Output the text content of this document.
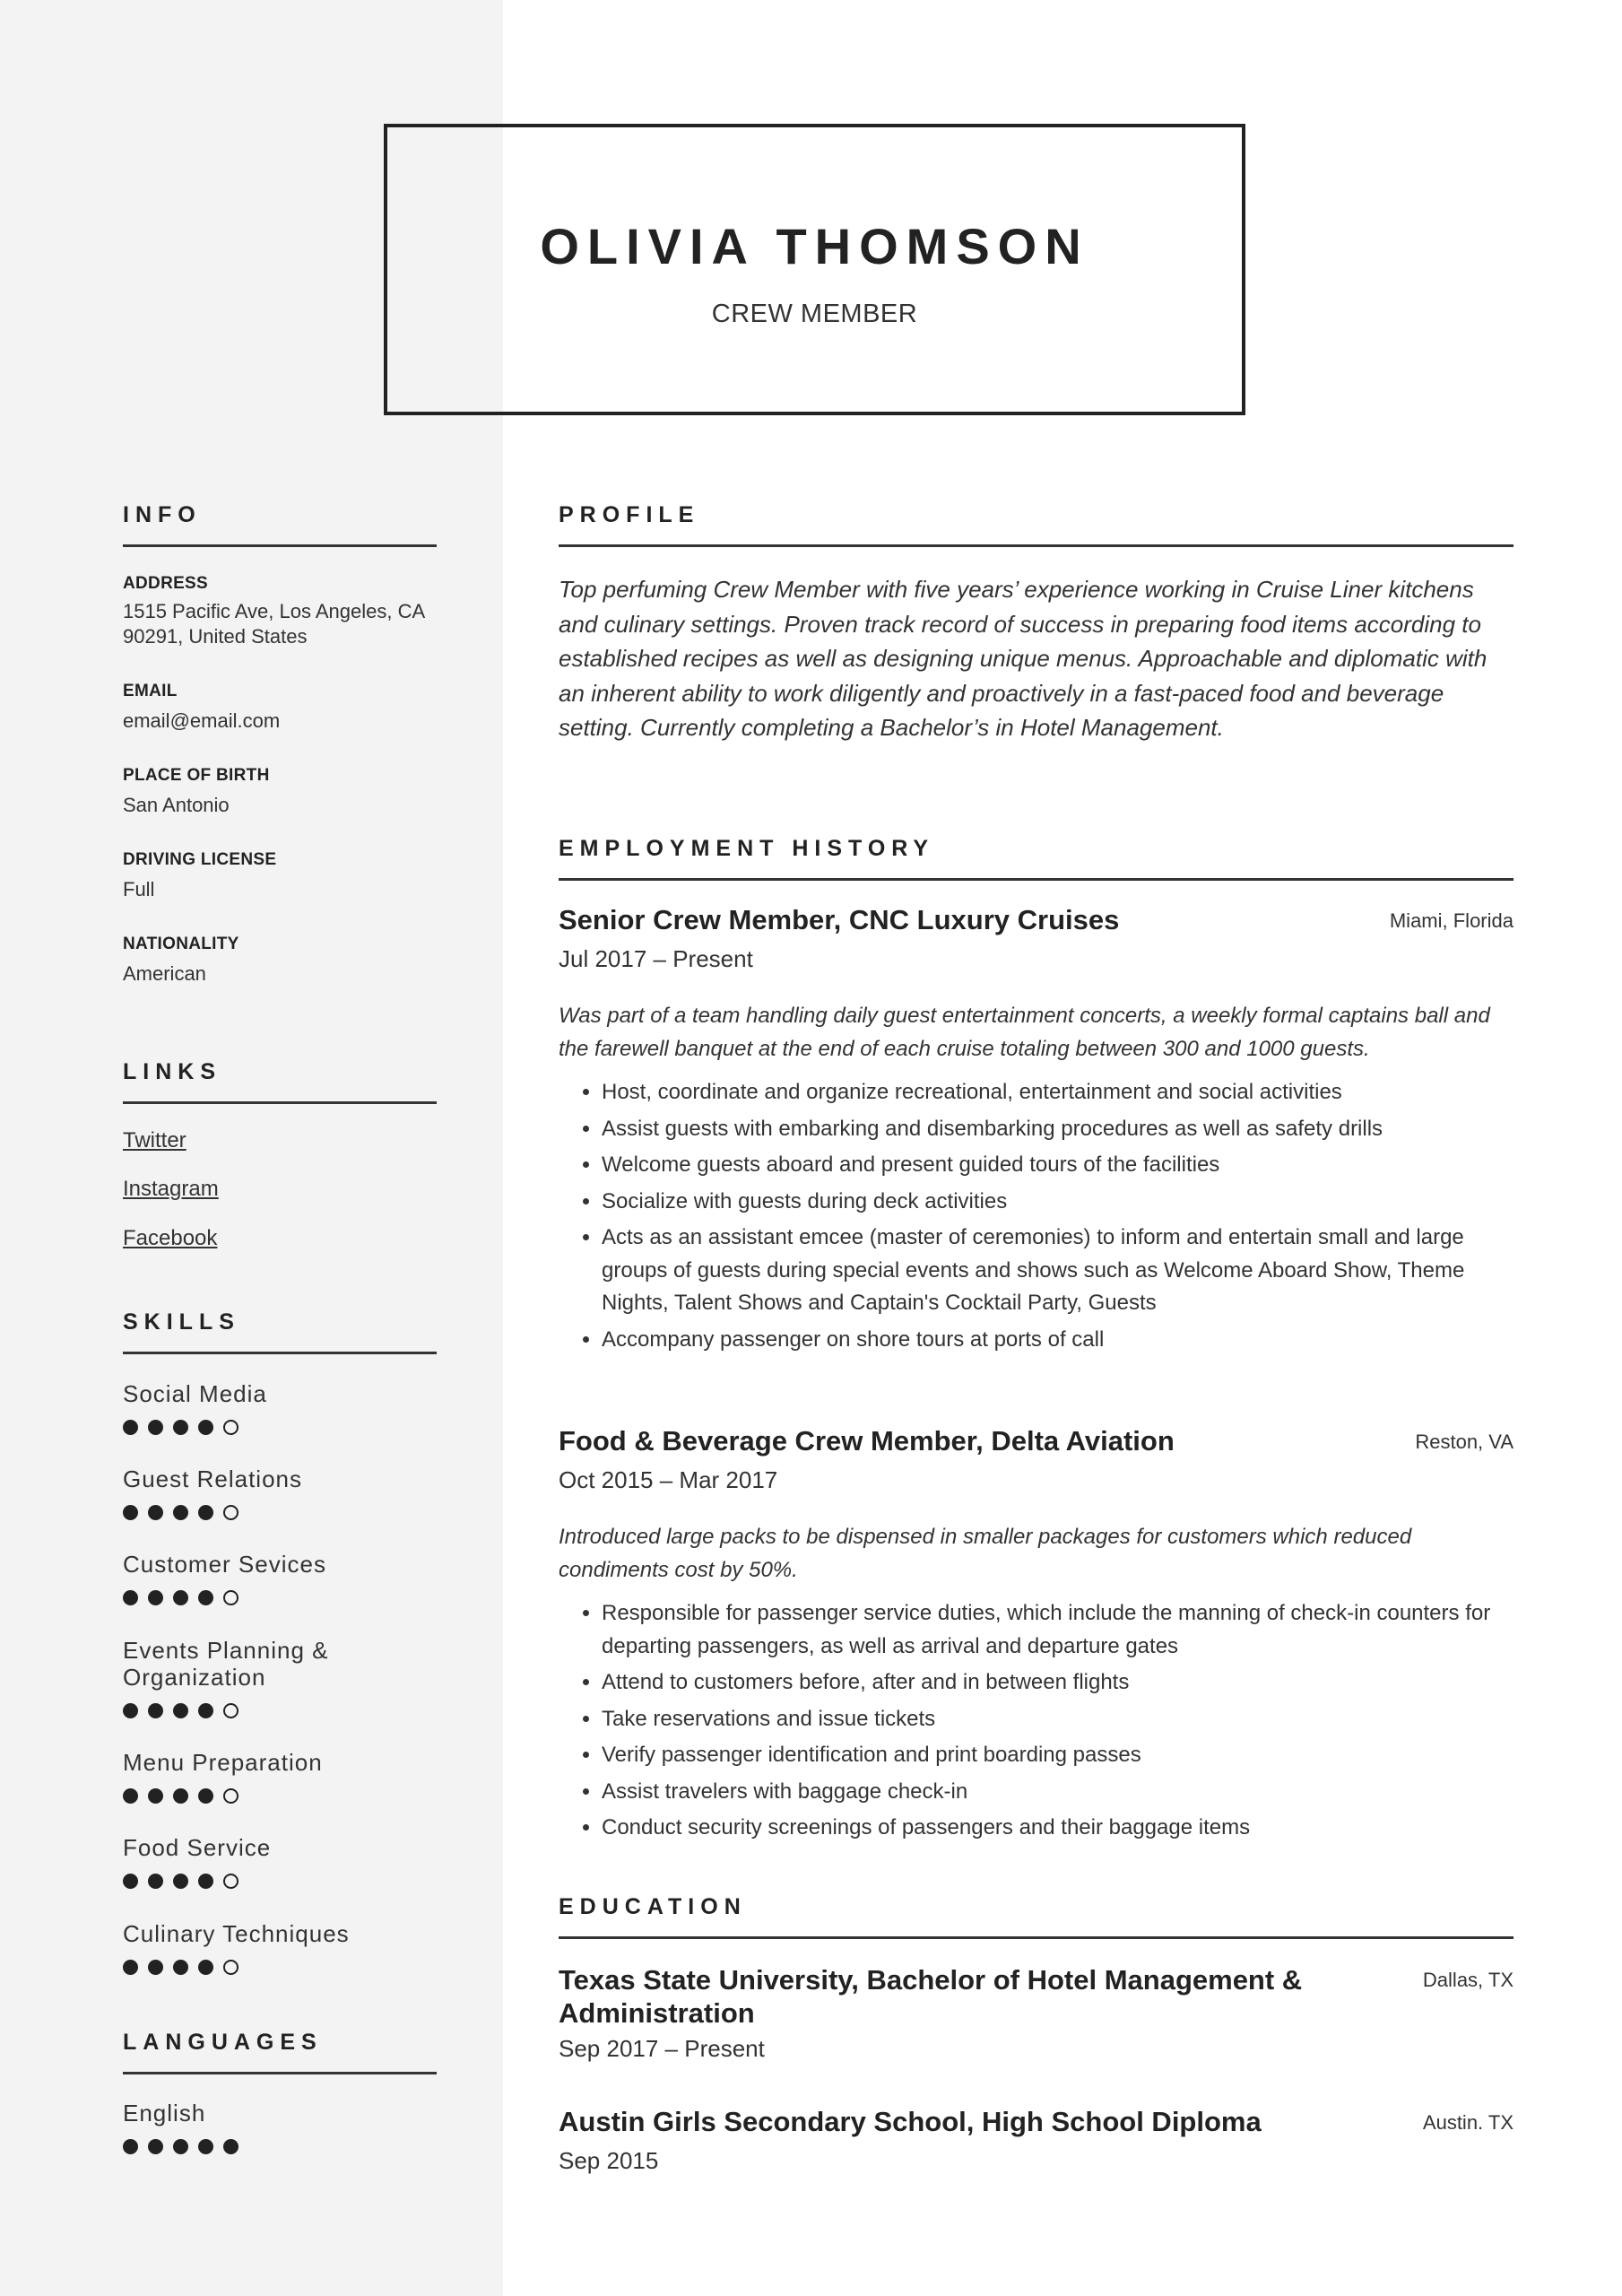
OLIVIA THOMSON
CREW MEMBER
INFO
ADDRESS
1515 Pacific Ave, Los Angeles, CA
90291, United States
EMAIL
email@email.com
PLACE OF BIRTH
San Antonio
DRIVING LICENSE
Full
NATIONALITY
American
LINKS
Twitter
Instagram
Facebook
SKILLS
Social Media
Guest Relations
Customer Sevices
Events Planning & Organization
Menu Preparation
Food Service
Culinary Techniques
LANGUAGES
English
PROFILE
Top perfuming Crew Member with five years’ experience working in Cruise Liner kitchens and culinary settings. Proven track record of success in preparing food items according to established recipes as well as designing unique menus. Approachable and diplomatic with an inherent ability to work diligently and proactively in a fast-paced food and beverage setting. Currently completing a Bachelor’s in Hotel Management.
EMPLOYMENT HISTORY
Senior Crew Member, CNC Luxury Cruises	Miami, Florida
Jul 2017 – Present
Was part of a team handling daily guest entertainment concerts, a weekly formal captains ball and the farewell banquet at the end of each cruise totaling between 300 and 1000 guests.
• Host, coordinate and organize recreational, entertainment and social activities
• Assist guests with embarking and disembarking procedures as well as safety drills
• Welcome guests aboard and present guided tours of the facilities
• Socialize with guests during deck activities
• Acts as an assistant emcee (master of ceremonies) to inform and entertain small and large groups of guests during special events and shows such as Welcome Aboard Show, Theme Nights, Talent Shows and Captain's Cocktail Party, Guests
• Accompany passenger on shore tours at ports of call
Food & Beverage Crew Member, Delta Aviation	Reston, VA
Oct 2015 – Mar 2017
Introduced large packs to be dispensed in smaller packages for customers which reduced condiments cost by 50%.
• Responsible for passenger service duties, which include the manning of check-in counters for departing passengers, as well as arrival and departure gates
• Attend to customers before, after and in between flights
• Take reservations and issue tickets
• Verify passenger identification and print boarding passes
• Assist travelers with baggage check-in
• Conduct security screenings of passengers and their baggage items
EDUCATION
Texas State University, Bachelor of Hotel Management & Administration
Dallas, TX
Sep 2017 – Present
Austin Girls Secondary School, High School Diploma	Austin. TX
Sep 2015
